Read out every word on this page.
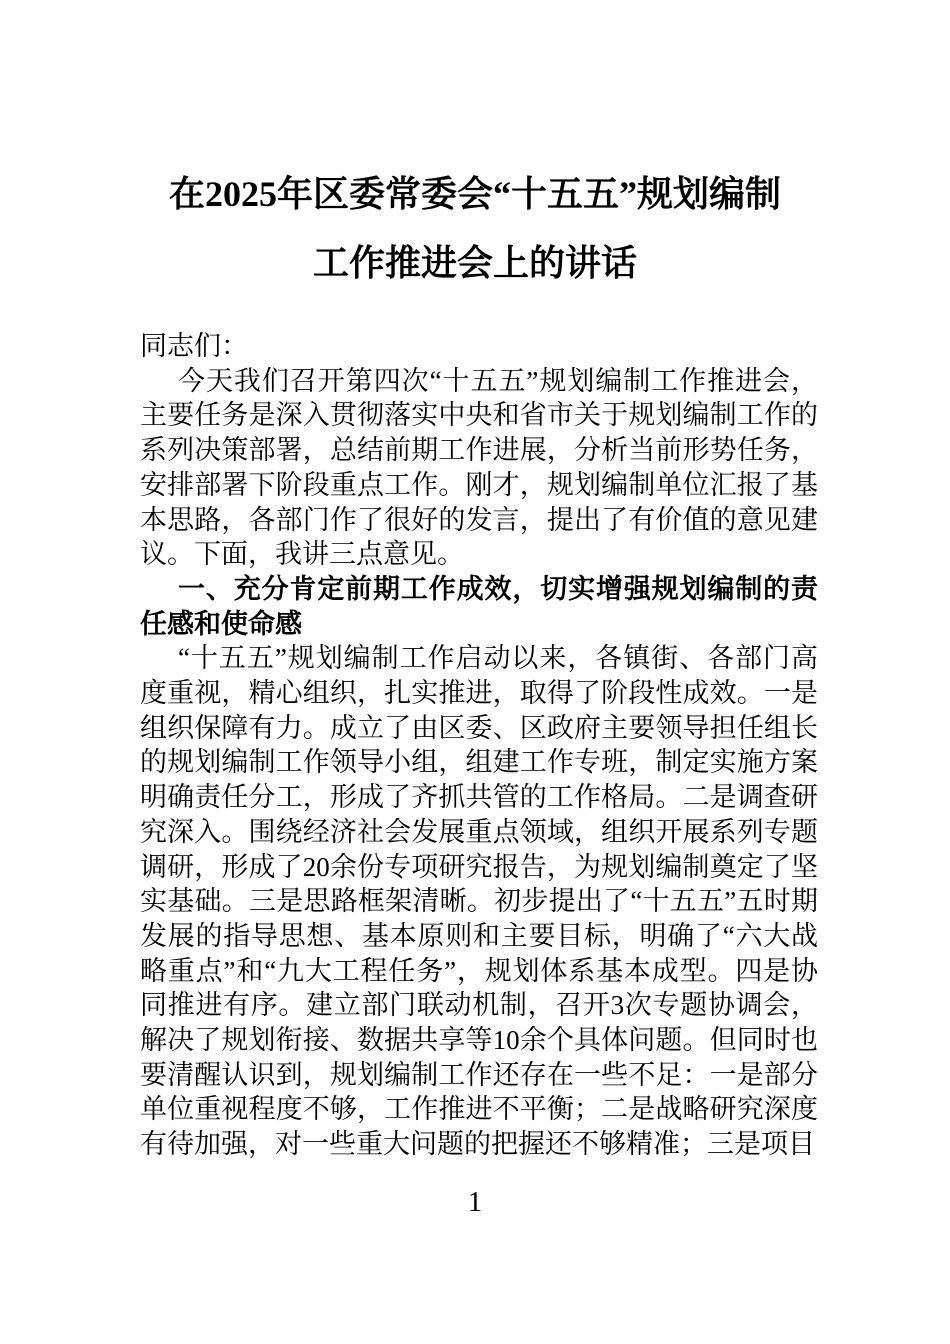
在2025年区委常委会“十五五”规划编制
工作推进会上的讲话

同志们：

今天我们召开第四次“十五五”规划编制工作推进会，主要任务是深入贯彻落实中央和省市关于规划编制工作的系列决策部署，总结前期工作进展，分析当前形势任务，安排部署下阶段重点工作。刚才，规划编制单位汇报了基本思路，各部门作了很好的发言，提出了有价值的意见建议。下面，我讲三点意见。

一、充分肯定前期工作成效，切实增强规划编制的责任感和使命感

“十五五”规划编制工作启动以来，各镇街、各部门高度重视，精心组织，扎实推进，取得了阶段性成效。一是组织保障有力。成立了由区委、区政府主要领导担任组长的规划编制工作领导小组，组建工作专班，制定实施方案明确责任分工，形成了齐抓共管的工作格局。二是调查研究深入。围绕经济社会发展重点领域，组织开展系列专题调研，形成了20余份专项研究报告，为规划编制奠定了坚实基础。三是思路框架清晰。初步提出了“十五五”五时期发展的指导思想、基本原则和主要目标，明确了“六大战略重点”和“九大工程任务”，规划体系基本成型。四是协同推进有序。建立部门联动机制，召开3次专题协调会，解决了规划衔接、数据共享等10余个具体问题。但同时也要清醒认识到，规划编制工作还存在一些不足：一是部分单位重视程度不够，工作推进不平衡；二是战略研究深度有待加强，对一些重大问题的把握还不够精准；三是项目

1
